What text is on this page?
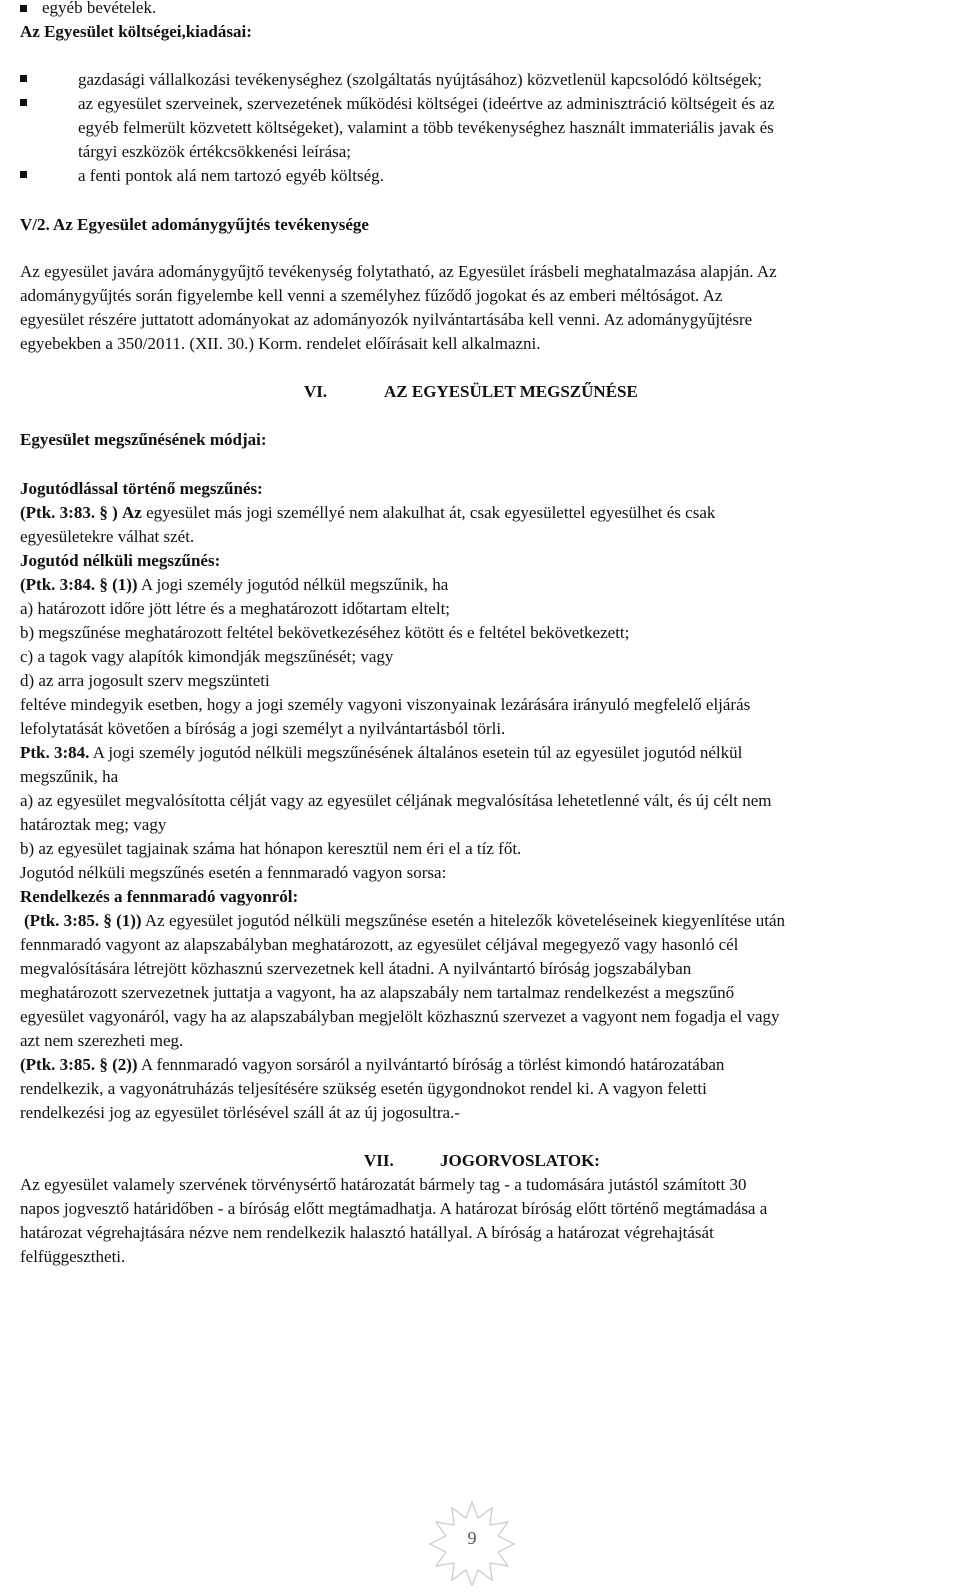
egyéb bevételek.
Az Egyesület költségei,kiadásai:
gazdasági vállalkozási tevékenységhez (szolgáltatás nyújtásához) közvetlenül kapcsolódó költségek;
az egyesület szerveinek, szervezetének működési költségei (ideértve az adminisztráció költségeit és az
egyéb felmerült közvetett költségeket), valamint a több tevékenységhez használt immateriális javak és
tárgyi eszközök értékcsökkenési leírása;
a fenti pontok alá nem tartozó egyéb költség.
V/2. Az Egyesület adománygyűjtés tevékenysége
Az egyesület javára adománygyűjtő tevékenység folytatható, az Egyesület írásbeli meghatalmazása alapján. Az
adománygyűjtés során figyelembe kell venni a személyhez fűződő jogokat és az emberi méltóságot. Az
egyesület részére juttatott adományokat az adományozók nyilvántartásába kell venni. Az adománygyűjtésre
egyebekben a 350/2011. (XII. 30.) Korm. rendelet előírásait kell alkalmazni.
VI.	AZ EGYESÜLET MEGSZŰNÉSE
Egyesület megszűnésének módjai:
Jogutódlással történő megszűnés:
(Ptk. 3:83. § ) Az egyesület más jogi személlyé nem alakulhat át, csak egyesülettel egyesülhet és csak
egyesületekre válhat szét.
Jogutód nélküli megszűnés:
(Ptk. 3:84. § (1)) A jogi személy jogutód nélkül megszűnik, ha
a) határozott időre jött létre és a meghatározott időtartam eltelt;
b) megszűnése meghatározott feltétel bekövetkezéséhez kötött és e feltétel bekövetkezett;
c) a tagok vagy alapítók kimondják megszűnését; vagy
d) az arra jogosult szerv megszünteti
feltéve mindegyik esetben, hogy a jogi személy vagyoni viszonyainak lezárására irányuló megfelelő eljárás
lefolytatását követően a bíróság a jogi személyt a nyilvántartásból törli.
Ptk. 3:84. A jogi személy jogutód nélküli megszűnésének általános esetein túl az egyesület jogutód nélkül
megszűnik, ha
a) az egyesület megvalósította célját vagy az egyesület céljának megvalósítása lehetetlenné vált, és új célt nem
határoztak meg; vagy
b) az egyesület tagjainak száma hat hónapon keresztül nem éri el a tíz főt.
Jogutód nélküli megszűnés esetén a fennmaradó vagyon sorsa:
Rendelkezés a fennmaradó vagyonról:
(Ptk. 3:85. § (1)) Az egyesület jogutód nélküli megszűnése esetén a hitelezők követeléseinek kiegyenlítése után
fennmaradó vagyont az alapszabályban meghatározott, az egyesület céljával megegyező vagy hasonló cél
megvalósítására létrejött közhasznú szervezetnek kell átadni. A nyilvántartó bíróság jogszabályban
meghatározott szervezetnek juttatja a vagyont, ha az alapszabály nem tartalmaz rendelkezést a megszűnő
egyesület vagyonáról, vagy ha az alapszabályban megjelölt közhasznú szervezet a vagyont nem fogadja el vagy
azt nem szerezheti meg.
(Ptk. 3:85. § (2)) A fennmaradó vagyon sorsáról a nyilvántartó bíróság a törlést kimondó határozatában
rendelkezik, a vagyonátruházás teljesítésére szükség esetén ügygondnokot rendel ki. A vagyon feletti
rendelkezési jog az egyesület törlésével száll át az új jogosultra.-
VII.	JOGORVOSLATOK:
Az egyesület valamely szervének törvénysértő határozatát bármely tag - a tudomására jutástól számított 30
napos jogvesztő határidőben - a bíróság előtt megtámadhatja. A határozat bíróság előtt történő megtámadása a
határozat végrehajtására nézve nem rendelkezik halasztó hatállyal. A bíróság a határozat végrehajtását
felfüggesztheti.
9
